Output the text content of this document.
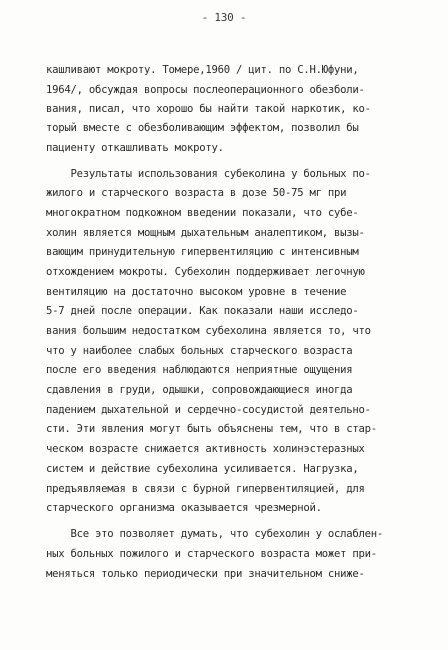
- 130 -
кашливают мокроту. Томере,1960 / цит. по С.Н.Юфуни,
1964/, обсуждая вопросы послеоперационного обезболи-
вания, писал, что хорошо бы найти такой наркотик, ко-
торый вместе с обезболивающим эффектом, позволил бы
пациенту откашливать мокроту.
Результаты использования субеколина у больных по-
жилого и старческого возраста в дозе 50-75 мг при
многократном подкожном введении показали, что субе-
холин является мощным дыхательным аналептиком, вызы-
вающим принудительную гипервентиляцию с интенсивным
отхождением мокроты. Субехолин поддерживает легочную
вентиляцию на достаточно высоком уровне в течение
5-7 дней после операции. Как показали наши исследо-
вания большим недостатком субехолина является то, что
что у наиболее слабых больных старческого возраста
после его введения наблюдаются неприятные ощущения
сдавления в груди, одышки, сопровождающиеся иногда
падением дыхательной и сердечно-сосудистой деятельно-
сти. Эти явления могут быть объяснены тем, что в стар-
ческом возрасте снижается активность холинэстеразных
систем и действие субехолина усиливается. Нагрузка,
предъявляемая в связи с бурной гипервентиляцией, для
старческого организма оказывается чрезмерной.
Все это позволяет думать, что субехолин у ослаблен-
ных больных пожилого и старческого возраста может при-
меняться только периодически при значительном сниже-
